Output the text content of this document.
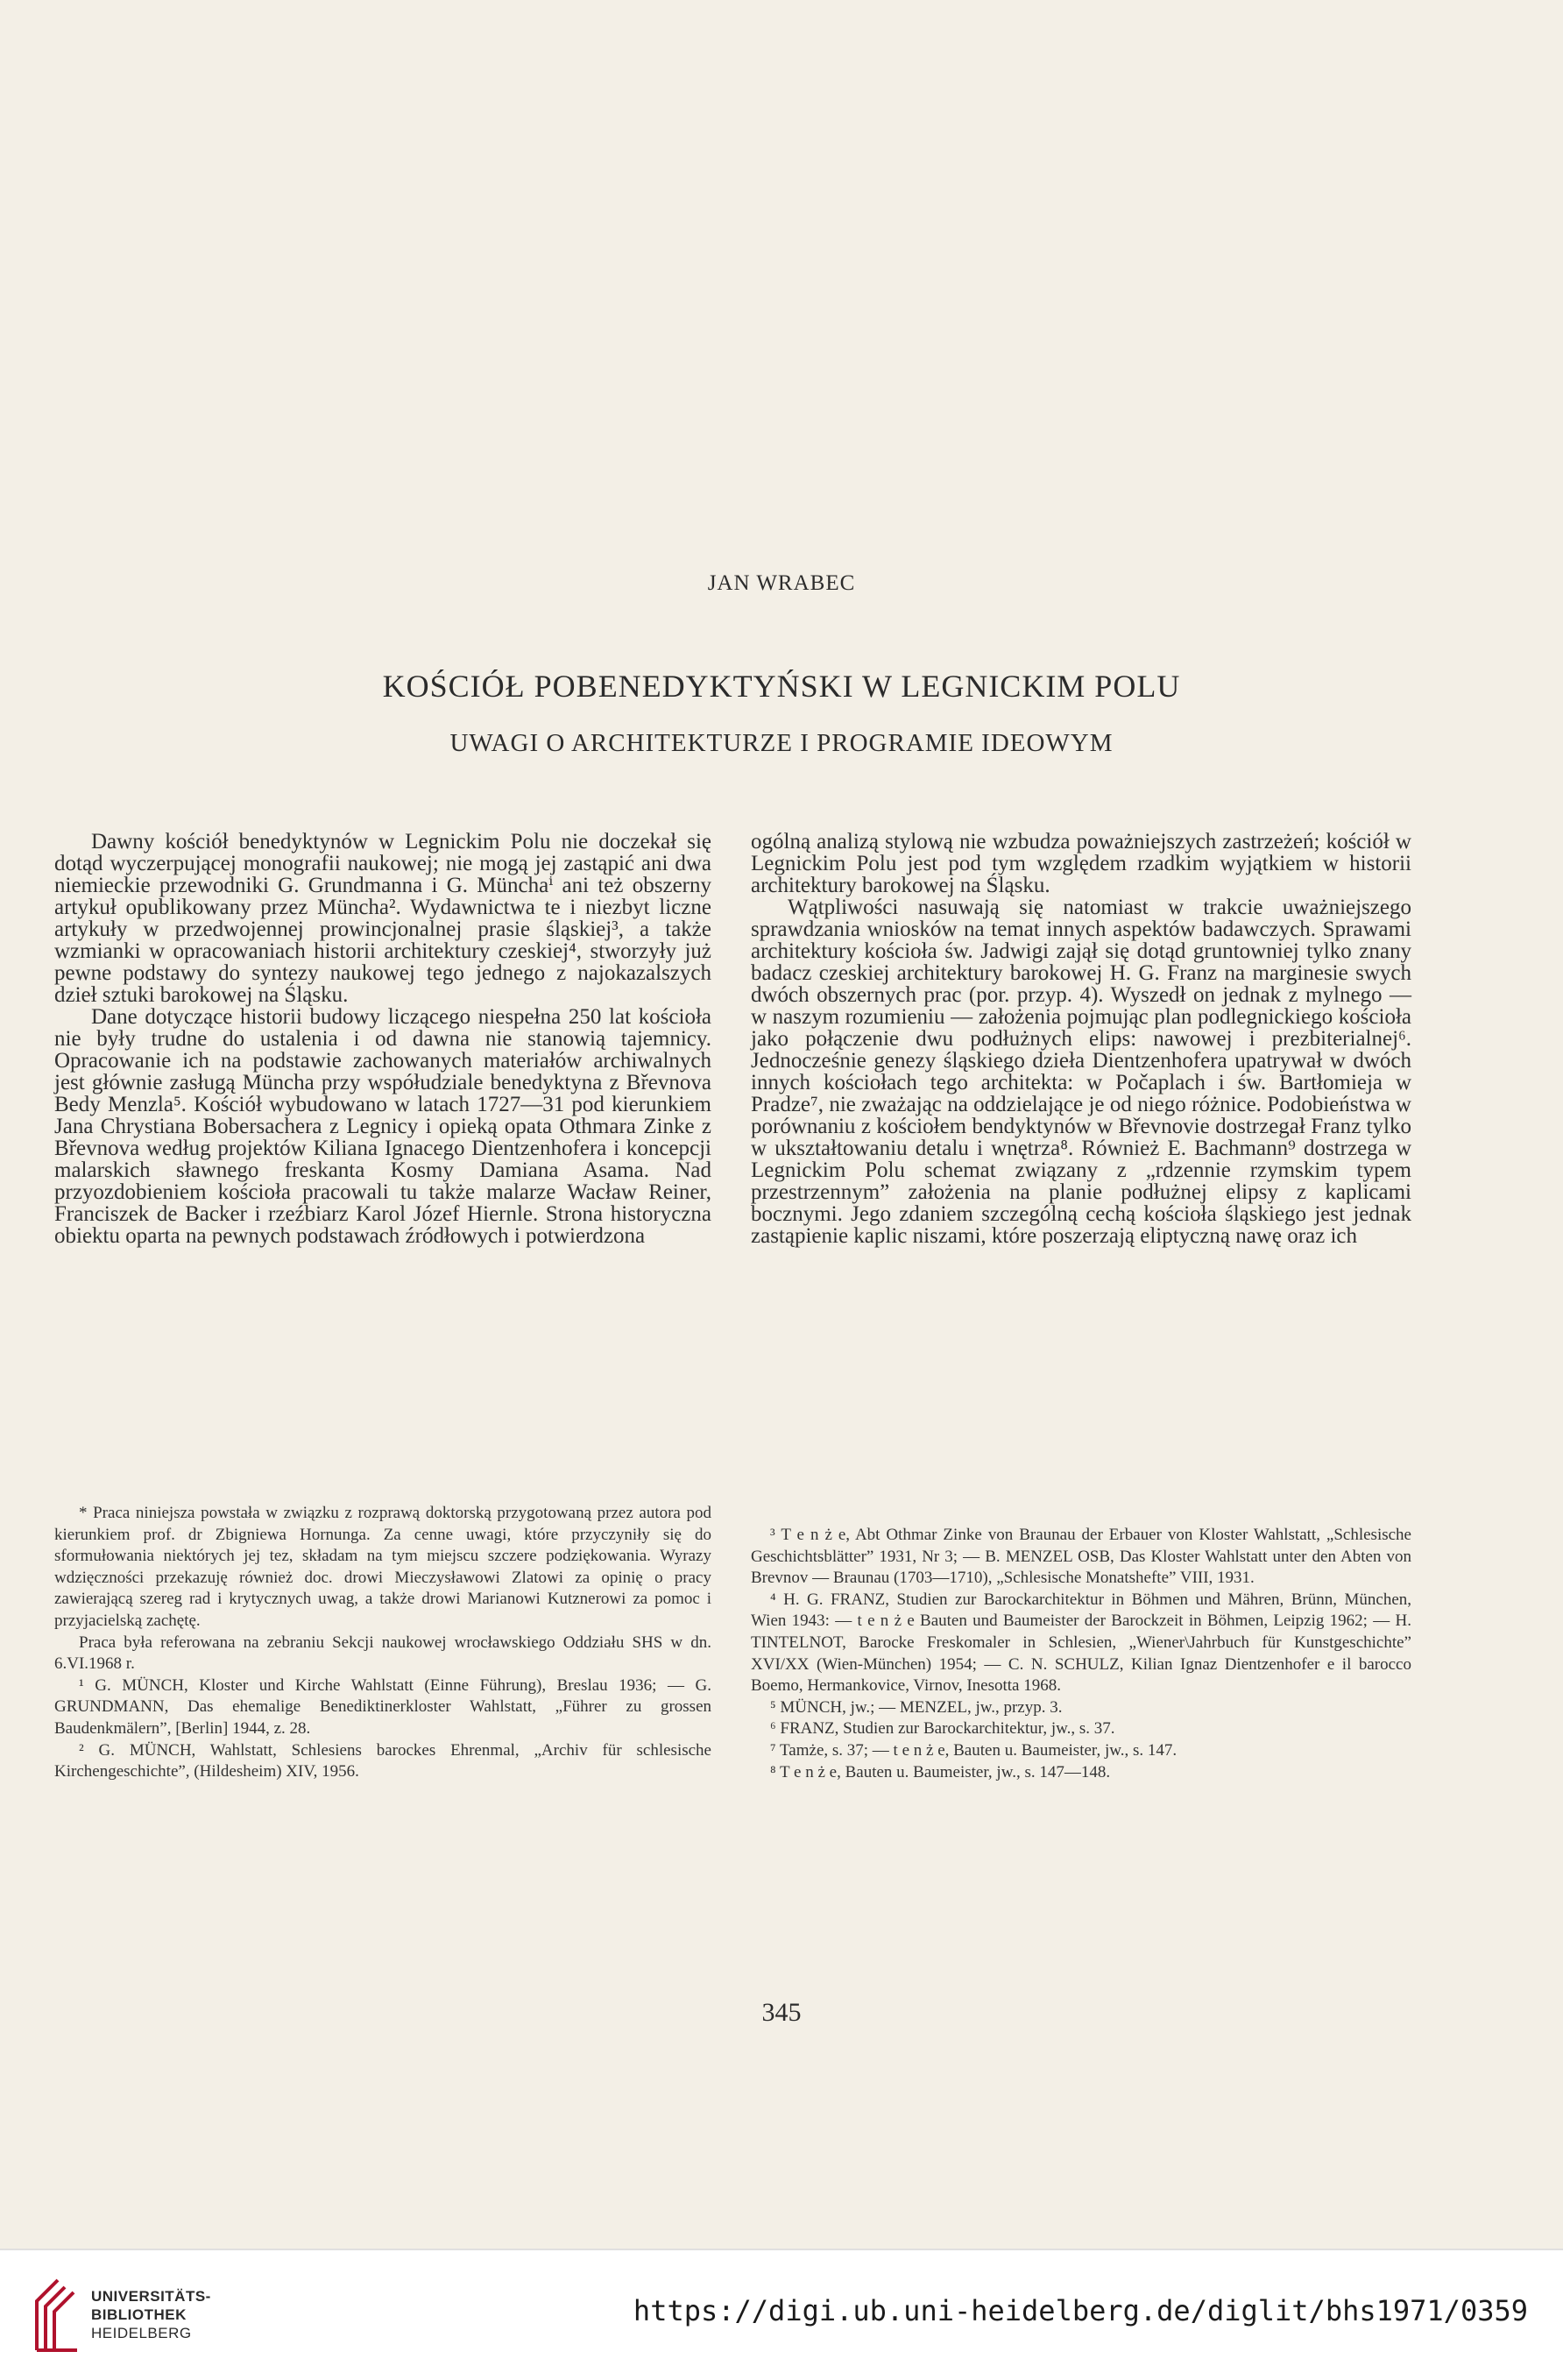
JAN WRABEC
KOŚCIÓŁ POBENEDYKTYŃSKI W LEGNICKIM POLU
UWAGI O ARCHITEKTURZE I PROGRAMIE IDEOWYM

Dawny kościół benedyktynów w Legnickim Polu nie doczekał się dotąd wyczerpującej monografii naukowej; nie mogą jej zastąpić ani dwa niemieckie przewodniki G. Grundmanna i G. Münchaⁱ ani też obszerny artykuł opublikowany przez Müncha². Wydawnictwa te i niezbyt liczne artykuły w przedwojennej prowincjonalnej prasie śląskiej³, a także wzmianki w opracowaniach historii architektury czeskiej⁴, stworzyły już pewne podstawy do syntezy naukowej tego jednego z najokazalszych dzieł sztuki barokowej na Śląsku.

Dane dotyczące historii budowy liczącego niespełna 250 lat kościoła nie były trudne do ustalenia i od dawna nie stanowią tajemnicy. Opracowanie ich na podstawie zachowanych materiałów archiwalnych jest głównie zasługą Müncha przy współudziale benedyktyna z Břevnova Bedy Menzla⁵. Kościół wybudowano w latach 1727—31 pod kierunkiem Jana Chrystiana Bobersachera z Legnicy i opieką opata Othmara Zinke z Břevnova według projektów Kiliana Ignacego Dientzenhofera i koncepcji malarskich sławnego freskanta Kosmy Damiana Asama. Nad przyozdobieniem kościoła pracowali tu także malarze Wacław Reiner, Franciszek de Backer i rzeźbiarz Karol Józef Hiernle. Strona historyczna obiektu oparta na pewnych podstawach źródłowych i potwierdzona

ogólną analizą stylową nie wzbudza poważniejszych zastrzeżeń; kościół w Legnickim Polu jest pod tym względem rzadkim wyjątkiem w historii architektury barokowej na Śląsku.

Wątpliwości nasuwają się natomiast w trakcie uważniejszego sprawdzania wniosków na temat innych aspektów badawczych. Sprawami architektury kościoła św. Jadwigi zajął się dotąd gruntowniej tylko znany badacz czeskiej architektury barokowej H. G. Franz na marginesie swych dwóch obszernych prac (por. przyp. 4). Wyszedł on jednak z mylnego — w naszym rozumieniu — założenia pojmując plan podlegnickiego kościoła jako połączenie dwu podłużnych elips: nawowej i prezbiterialnej⁶. Jednocześnie genezy śląskiego dzieła Dientzenhofera upatrywał w dwóch innych kościołach tego architekta: w Počaplach i św. Bartłomieja w Pradze⁷, nie zważając na oddzielające je od niego różnice. Podobieństwa w porównaniu z kościołem bendyktynów w Břevnovie dostrzegał Franz tylko w ukształtowaniu detalu i wnętrza⁸. Również E. Bachmann⁹ dostrzega w Legnickim Polu schemat związany z „rdzennie rzymskim typem przestrzennym” założenia na planie podłużnej elipsy z kaplicami bocznymi. Jego zdaniem szczególną cechą kościoła śląskiego jest jednak zastąpienie kaplic niszami, które poszerzają eliptyczną nawę oraz ich

* Praca niniejsza powstała w związku z rozprawą doktorską przygotowaną przez autora pod kierunkiem prof. dr Zbigniewa Hornunga. Za cenne uwagi, które przyczyniły się do sformułowania niektórych jej tez, składam na tym miejscu szczere podziękowania. Wyrazy wdzięczności przekazuję również doc. drowi Mieczysławowi Zlatowi za opinię o pracy zawierającą szereg rad i krytycznych uwag, a także drowi Marianowi Kutznerowi za pomoc i przyjacielską zachętę.

Praca była referowana na zebraniu Sekcji naukowej wrocławskiego Oddziału SHS w dn. 6.VI.1968 r.

¹ G. MÜNCH, Kloster und Kirche Wahlstatt (Einne Führung), Breslau 1936; — G. GRUNDMANN, Das ehemalige Benediktinerkloster Wahlstatt, „Führer zu grossen Baudenkmälern”, [Berlin] 1944, z. 28.

² G. MÜNCH, Wahlstatt, Schlesiens barockes Ehrenmal, „Archiv für schlesische Kirchengeschichte”, (Hildesheim) XIV, 1956.

³ T e n ż e, Abt Othmar Zinke von Braunau der Erbauer von Kloster Wahlstatt, „Schlesische Geschichtsblätter” 1931, Nr 3; — B. MENZEL OSB, Das Kloster Wahlstatt unter den Abten von Brevnov — Braunau (1703—1710), „Schlesische Monatshefte” VIII, 1931.

⁴ H. G. FRANZ, Studien zur Barockarchitektur in Böhmen und Mähren, Brünn, München, Wien 1943: — t e n ż e Bauten und Baumeister der Barockzeit in Böhmen, Leipzig 1962; — H. TINTELNOT, Barocke Freskomaler in Schlesien, „Wiener\Jahrbuch für Kunstgeschichte” XVI/XX (Wien-München) 1954; — C. N. SCHULZ, Kilian Ignaz Dientzenhofer e il barocco Boemo, Hermankovice, Virnov, Inesotta 1968.

⁵ MÜNCH, jw.; — MENZEL, jw., przyp. 3.

⁶ FRANZ, Studien zur Barockarchitektur, jw., s. 37.

⁷ Tamże, s. 37; — t e n ż e, Bauten u. Baumeister, jw., s. 147.

⁸ T e n ż e, Bauten u. Baumeister, jw., s. 147—148.

345
UNIVERSITÄTS-
BIBLIOTHEK
HEIDELBERG
https://digi.ub.uni-heidelberg.de/diglit/bhs1971/0359
